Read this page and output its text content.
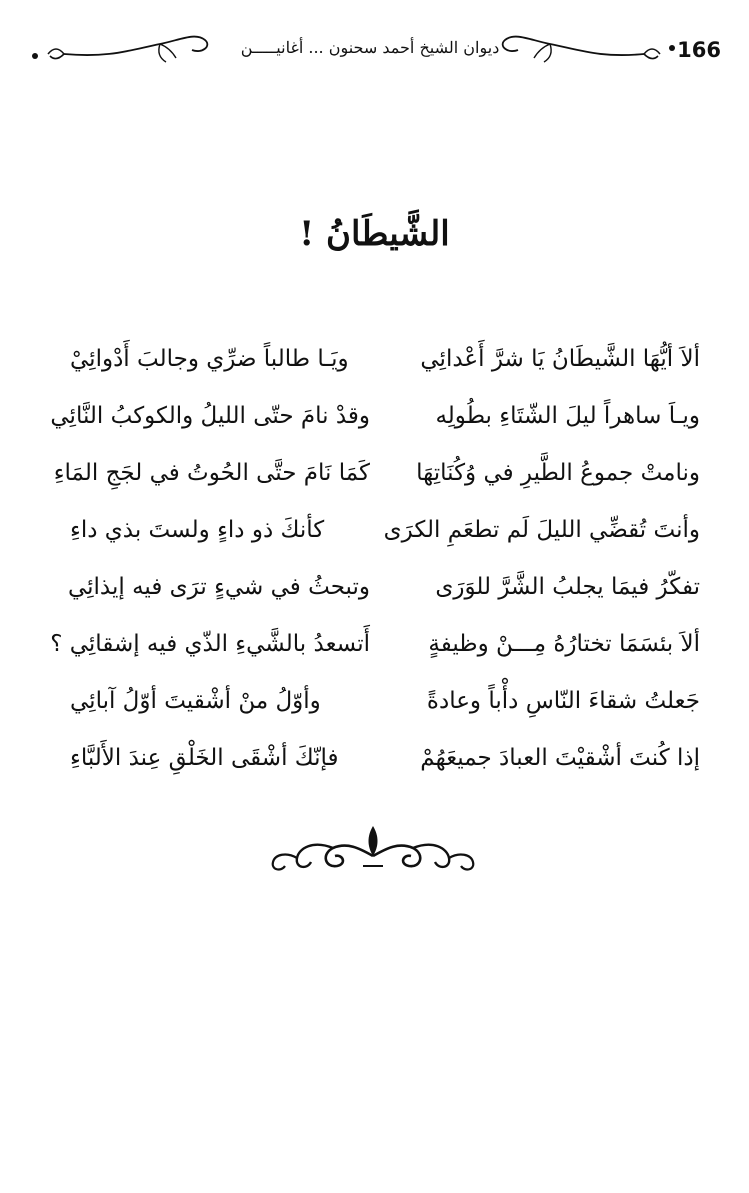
166
ديوان الشيخ أحمد سحنون ... أغانيـــــن
الشَّيطَانُ !
ألاَ أيُّهَا الشَّيطَانُ يَا شرَّ أَعْدائِي
ويَـا طالباً ضرِّي وجالبَ أَدْوائِيْ
ويـاَ ساهراً ليلَ الشّتَاءِ بطُولِه
وقدْ نامَ حتّى الليلُ والكوكبُ النَّائِي
ونامتْ جموعُ الطَّيرِ في وُكُنَاتِهَا
كَمَا نَامَ حتَّى الحُوتُ في لجَجِ المَاءِ
وأنتَ تُقضِّي الليلَ لَم تطعَمِ الكرَى
كأنكَ ذو داءٍ ولستَ بذي داءِ
تفكّرُ فيمَا يجلبُ الشَّرَّ للوَرَى
وتبحثُ في شيءٍ ترَى فيه إيذائِي
ألاَ بئسَمَا تختارُهُ مِـــنْ وظيفةٍ
أَتسعدُ بالشَّيءِ الذّي فيه إشقائِي ؟
جَعلتُ شقاءَ النّاسِ دأْباً وعادةً
وأوّلُ منْ أشْقيتَ أوّلُ آبائِي
إذا كُنتَ أشْقيْتَ العبادَ جميعَهُمْ
فإنّكَ أشْقَى الخَلْقِ عِندَ الأَلبَّاءِ
